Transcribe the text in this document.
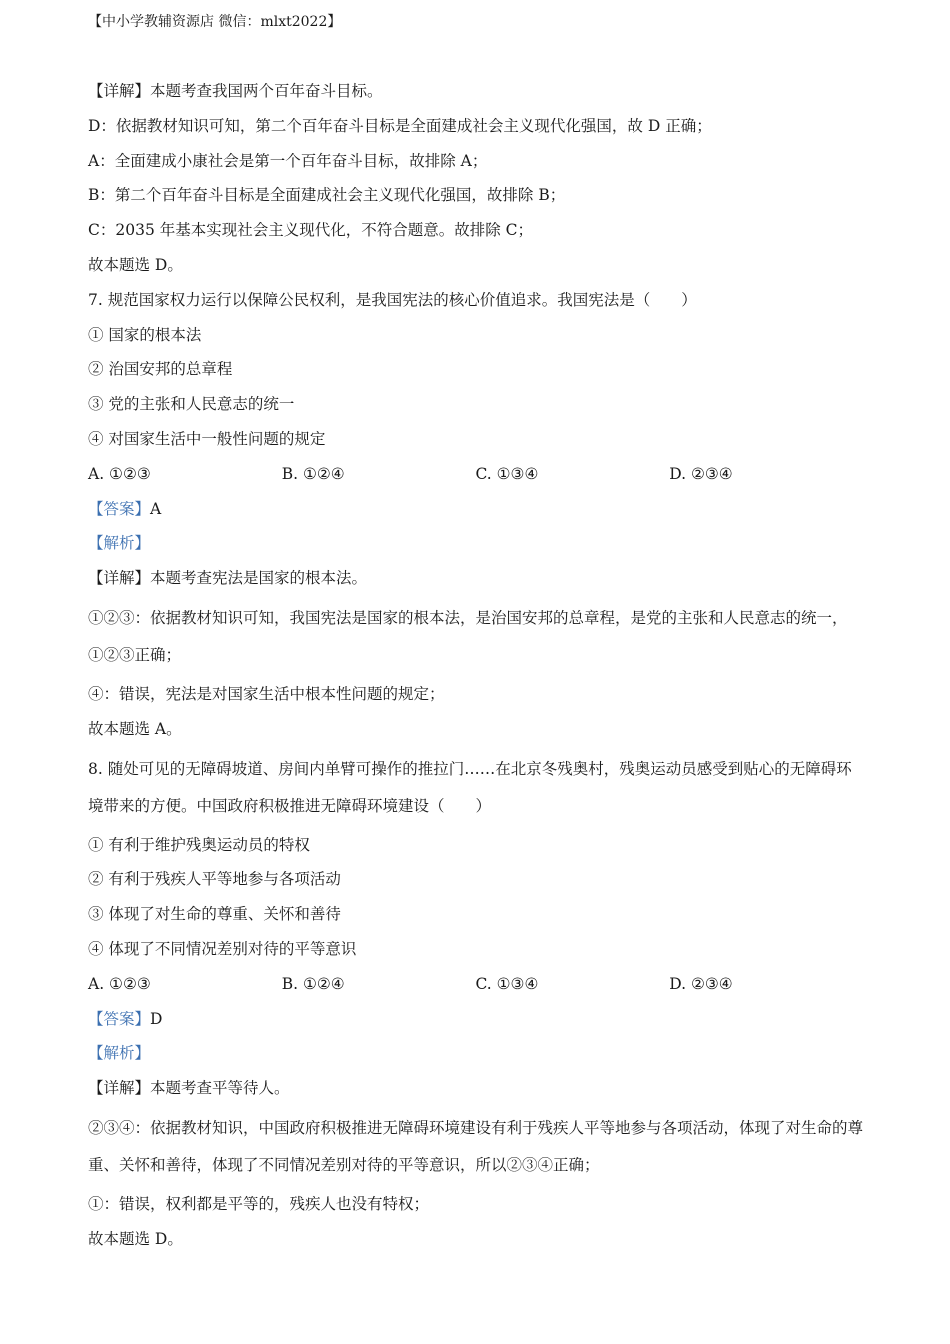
【中小学教辅资源店 微信：mlxt2022】
【详解】本题考查我国两个百年奋斗目标。
D：依据教材知识可知，第二个百年奋斗目标是全面建成社会主义现代化强国，故 D 正确；
A：全面建成小康社会是第一个百年奋斗目标，故排除 A；
B：第二个百年奋斗目标是全面建成社会主义现代化强国，故排除 B；
C：2035 年基本实现社会主义现代化，不符合题意。故排除 C；
故本题选 D。
7. 规范国家权力运行以保障公民权利，是我国宪法的核心价值追求。我国宪法是（　　）
① 国家的根本法
② 治国安邦的总章程
③ 党的主张和人民意志的统一
④ 对国家生活中一般性问题的规定
A. ①②③	B. ①②④	C. ①③④	D. ②③④
【答案】A
【解析】
【详解】本题考查宪法是国家的根本法。
①②③：依据教材知识可知，我国宪法是国家的根本法，是治国安邦的总章程，是党的主张和人民意志的统一，①②③正确；
④：错误，宪法是对国家生活中根本性问题的规定；
故本题选 A。
8. 随处可见的无障碍坡道、房间内单臂可操作的推拉门……在北京冬残奥村，残奥运动员感受到贴心的无障碍环境带来的方便。中国政府积极推进无障碍环境建设（　　）
① 有利于维护残奥运动员的特权
② 有利于残疾人平等地参与各项活动
③ 体现了对生命的尊重、关怀和善待
④ 体现了不同情况差别对待的平等意识
A. ①②③	B. ①②④	C. ①③④	D. ②③④
【答案】D
【解析】
【详解】本题考查平等待人。
②③④：依据教材知识，中国政府积极推进无障碍环境建设有利于残疾人平等地参与各项活动，体现了对生命的尊重、关怀和善待，体现了不同情况差别对待的平等意识，所以②③④正确；
①：错误，权利都是平等的，残疾人也没有特权；
故本题选 D。
